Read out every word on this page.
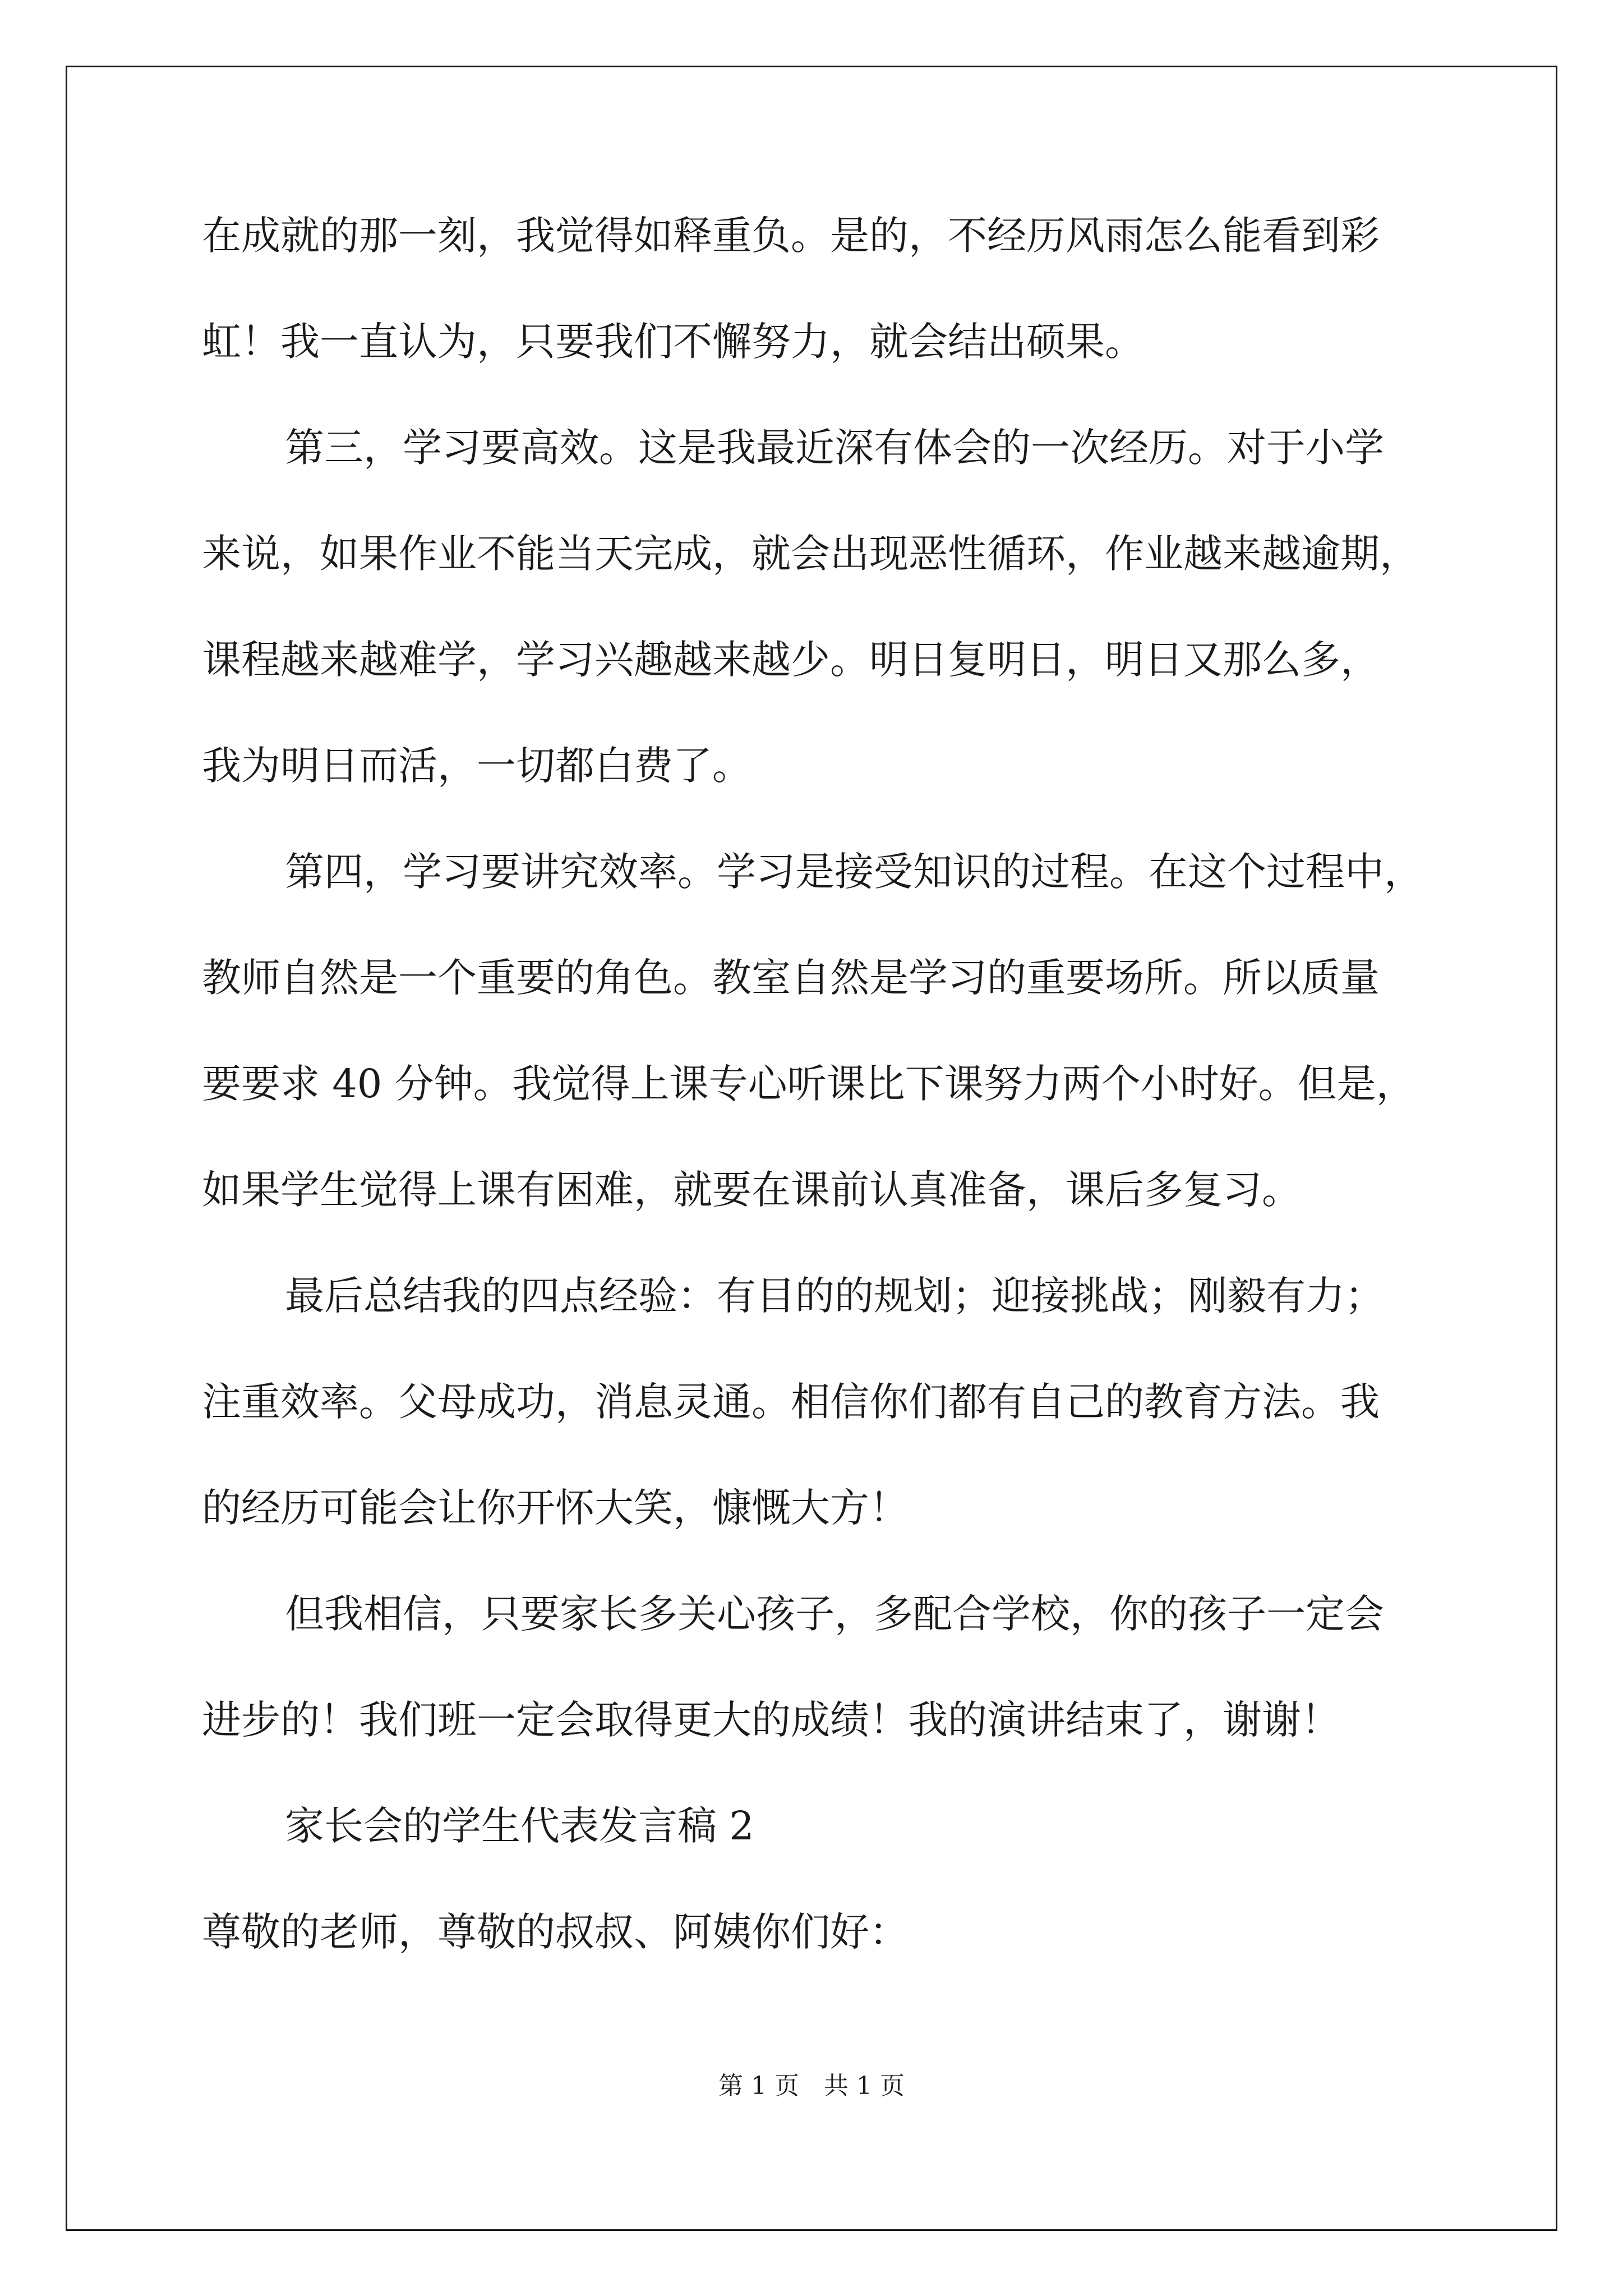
在成就的那一刻，我觉得如释重负。是的，不经历风雨怎么能看到彩
虹！我一直认为，只要我们不懈努力，就会结出硕果。
第三，学习要高效。这是我最近深有体会的一次经历。对于小学
来说，如果作业不能当天完成，就会出现恶性循环，作业越来越逾期，
课程越来越难学，学习兴趣越来越少。明日复明日，明日又那么多，
我为明日而活，一切都白费了。
第四，学习要讲究效率。学习是接受知识的过程。在这个过程中，
教师自然是一个重要的角色。教室自然是学习的重要场所。所以质量
要要求 40 分钟。我觉得上课专心听课比下课努力两个小时好。但是，
如果学生觉得上课有困难，就要在课前认真准备，课后多复习。
最后总结我的四点经验：有目的的规划；迎接挑战；刚毅有力；
注重效率。父母成功，消息灵通。相信你们都有自己的教育方法。我
的经历可能会让你开怀大笑，慷慨大方！
但我相信，只要家长多关心孩子，多配合学校，你的孩子一定会
进步的！我们班一定会取得更大的成绩！我的演讲结束了，谢谢！
家长会的学生代表发言稿 2
尊敬的老师，尊敬的叔叔、阿姨你们好：
第 1 页　共 1 页
